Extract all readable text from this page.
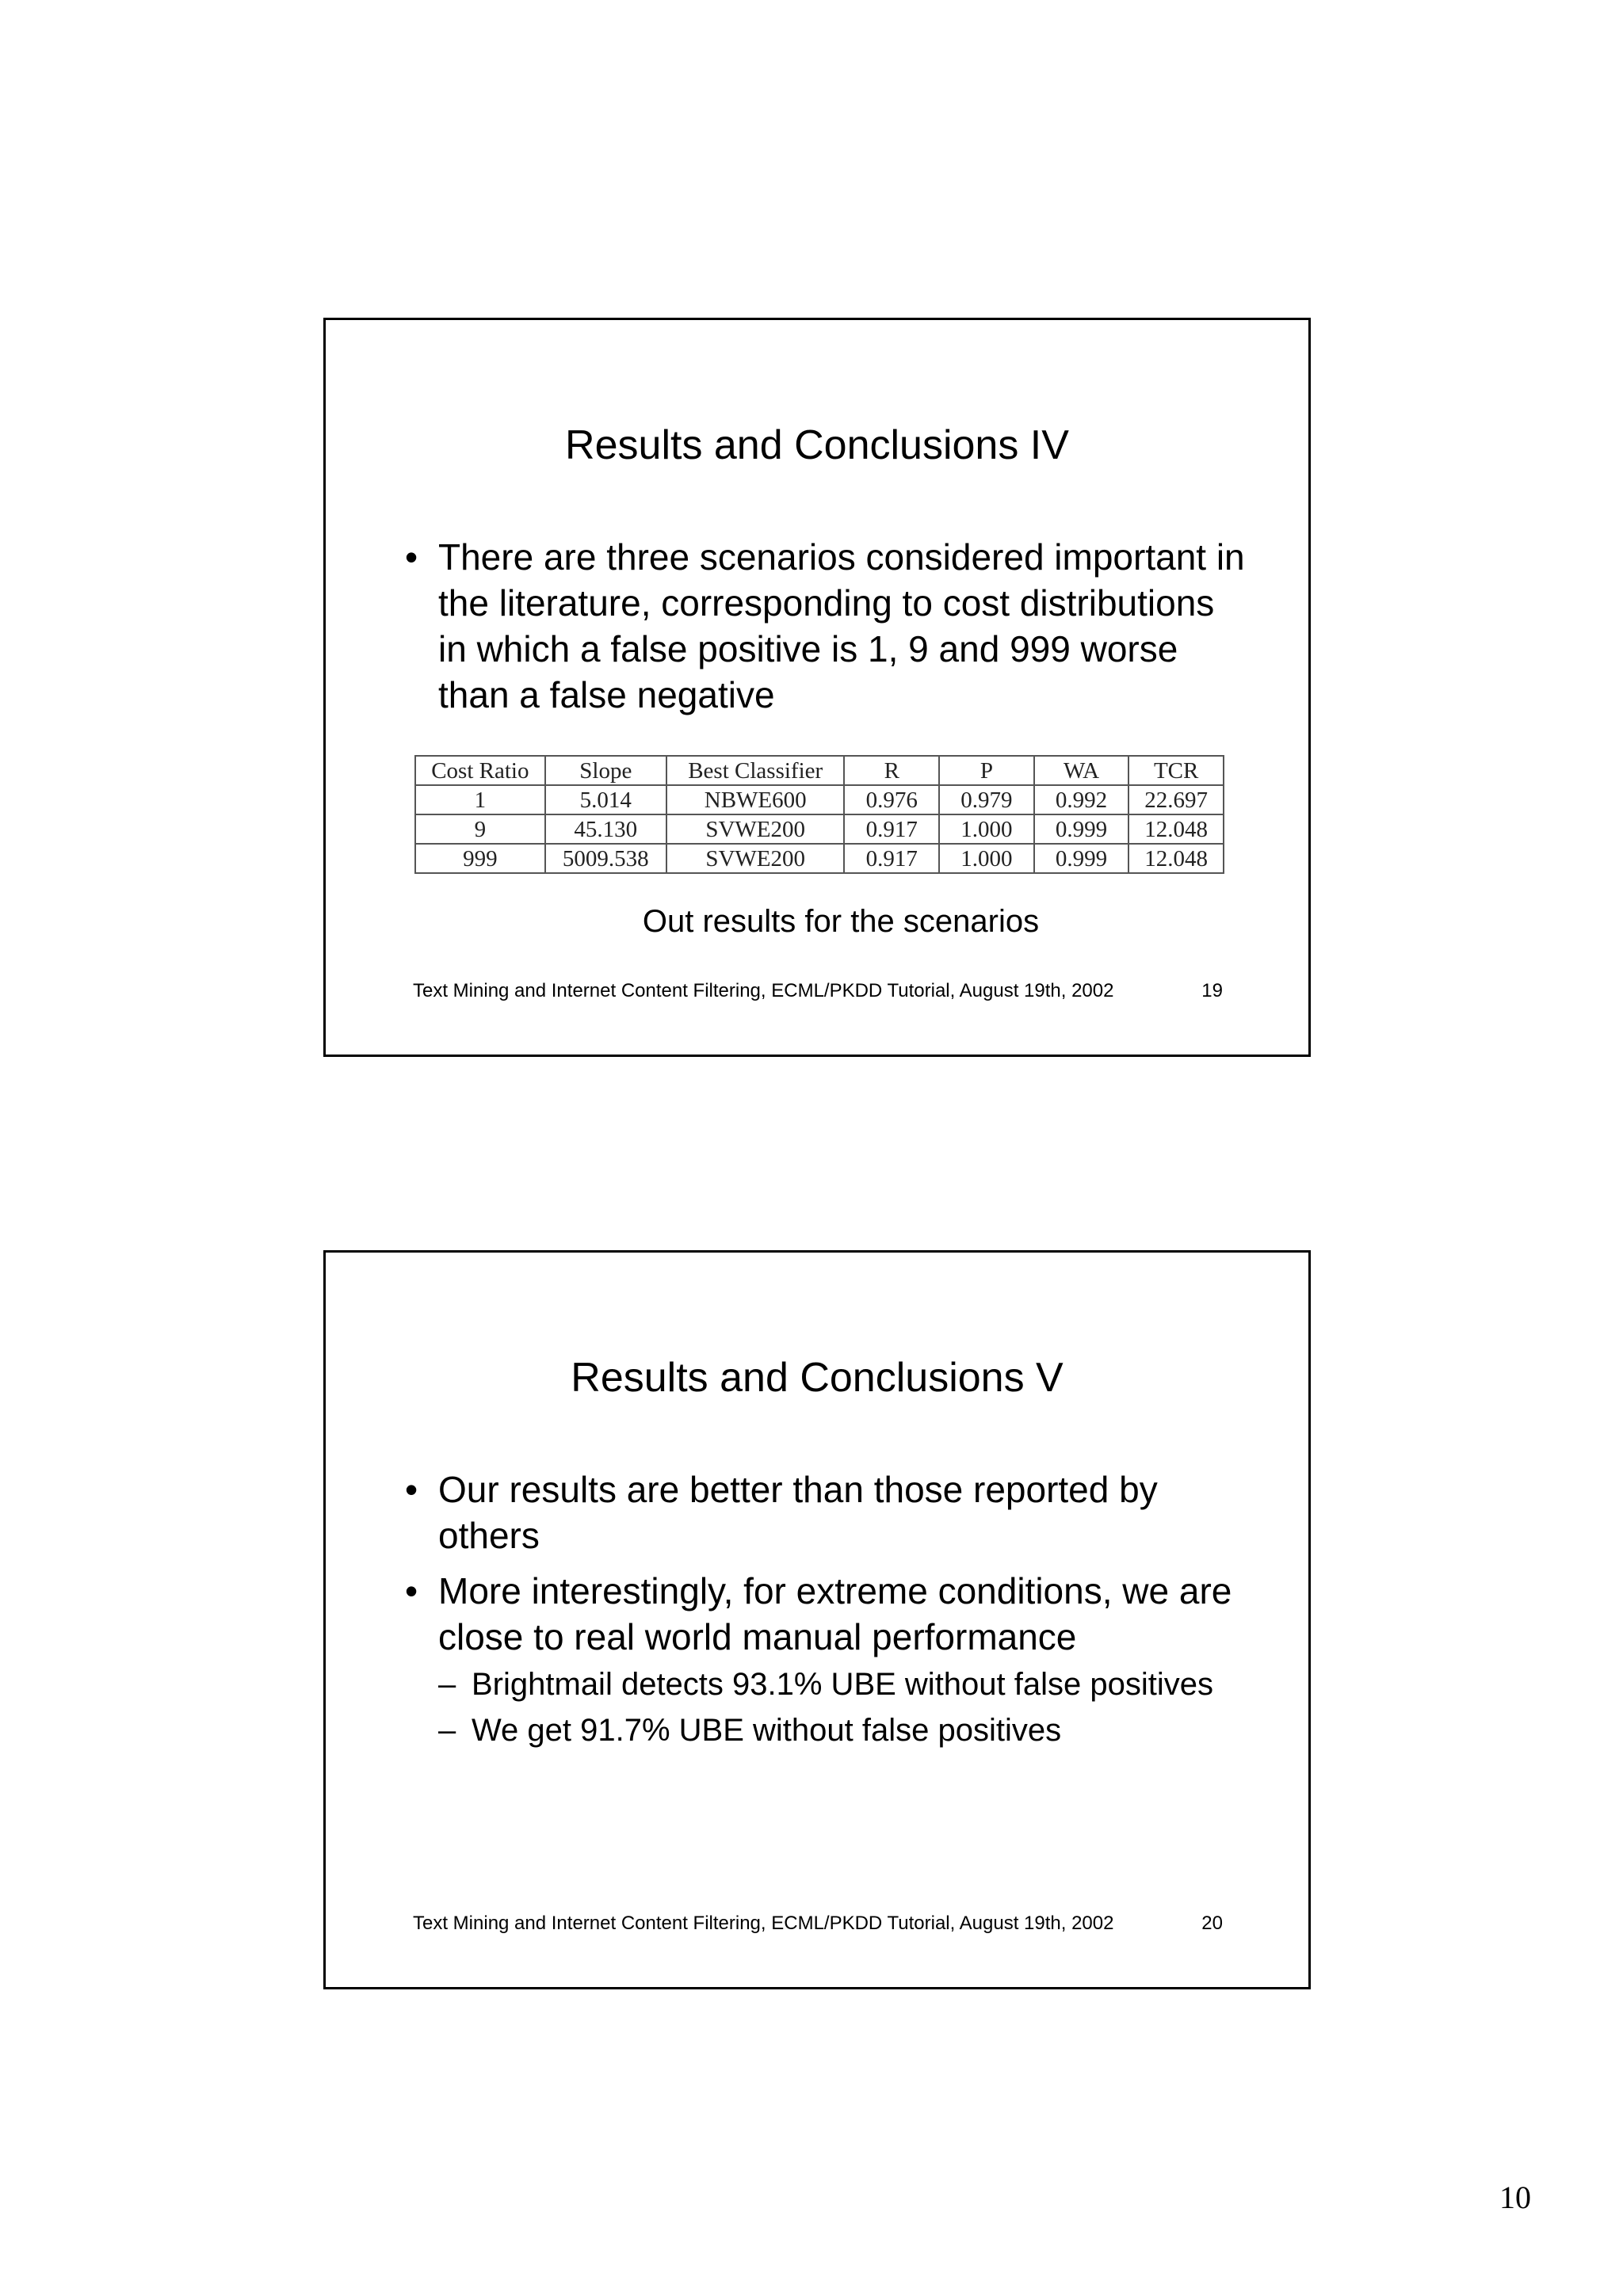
Results and Conclusions IV
• There are three scenarios considered important in the literature, corresponding to cost distributions in which a false positive is 1, 9 and 999 worse than a false negative
Cost Ratio	Slope	Best Classifier	R	P	WA	TCR
1	5.014	NBWE600	0.976	0.979	0.992	22.697
9	45.130	SVWE200	0.917	1.000	0.999	12.048
999	5009.538	SVWE200	0.917	1.000	0.999	12.048
Out results for the scenarios
Text Mining and Internet Content Filtering, ECML/PKDD Tutorial, August 19th, 2002	19
Results and Conclusions V
• Our results are better than those reported by others
• More interestingly, for extreme conditions, we are close to real world manual performance
– Brightmail detects 93.1% UBE without false positives
– We get 91.7% UBE without false positives
Text Mining and Internet Content Filtering, ECML/PKDD Tutorial, August 19th, 2002	20
10
